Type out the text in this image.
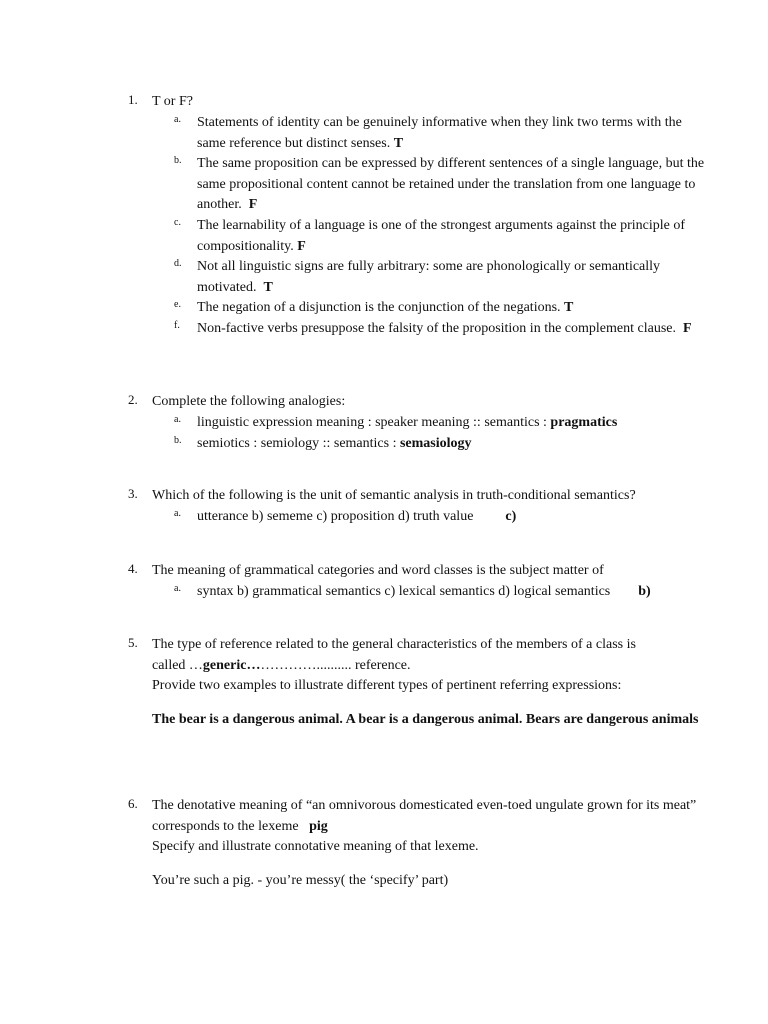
1.	T or F?
a.	Statements of identity can be genuinely informative when they link two terms with the same reference but distinct senses. T
b.	The same proposition can be expressed by different sentences of a single language, but the same propositional content cannot be retained under the translation from one language to another. F
c.	The learnability of a language is one of the strongest arguments against the principle of compositionality. F
d.	Not all linguistic signs are fully arbitrary: some are phonologically or semantically motivated. T
e.	The negation of a disjunction is the conjunction of the negations. T
f.	Non-factive verbs presuppose the falsity of the proposition in the complement clause. F
2.	Complete the following analogies:
a.	linguistic expression meaning : speaker meaning :: semantics : pragmatics
b.	semiotics : semiology :: semantics : semasiology
3.	Which of the following is the unit of semantic analysis in truth-conditional semantics?
a.	utterance b) sememe c) proposition d) truth value c)
4.	The meaning of grammatical categories and word classes is the subject matter of
a.	syntax b) grammatical semantics c) lexical semantics d) logical semantics b)
5.	The type of reference related to the general characteristics of the members of a class is
called …generic…………….......... reference.
Provide two examples to illustrate different types of pertinent referring expressions:
The bear is a dangerous animal. A bear is a dangerous animal. Bears are dangerous animals
6.	The denotative meaning of “an omnivorous domesticated even-toed ungulate grown for its meat” corresponds to the lexeme pig
Specify and illustrate connotative meaning of that lexeme.
You’re such a pig. - you’re messy( the ‘specify’ part)
